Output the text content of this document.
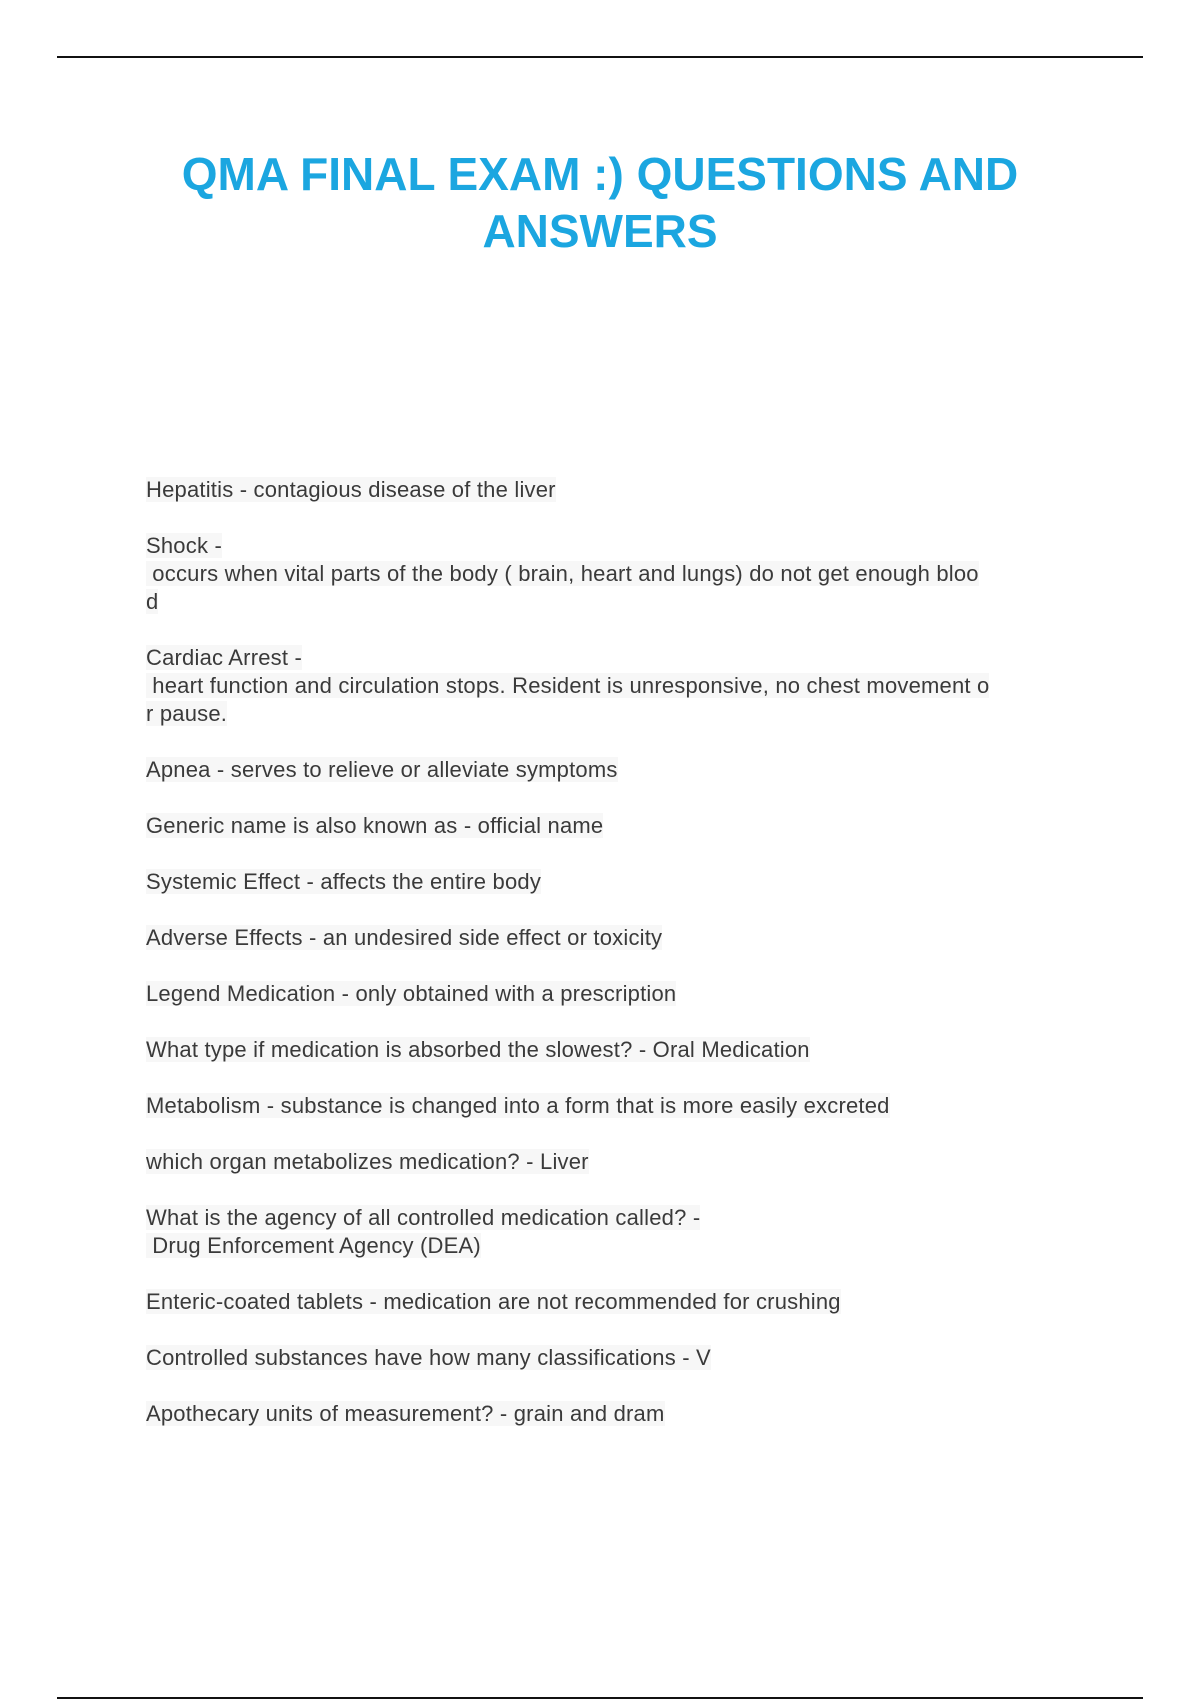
QMA FINAL EXAM :) QUESTIONS AND
ANSWERS
Hepatitis - contagious disease of the liver
Shock -
occurs when vital parts of the body ( brain, heart and lungs) do not get enough bloo
d
Cardiac Arrest -
heart function and circulation stops. Resident is unresponsive, no chest movement o
r pause.
Apnea - serves to relieve or alleviate symptoms
Generic name is also known as - official name
Systemic Effect - affects the entire body
Adverse Effects - an undesired side effect or toxicity
Legend Medication - only obtained with a prescription
What type if medication is absorbed the slowest? - Oral Medication
Metabolism - substance is changed into a form that is more easily excreted
which organ metabolizes medication? - Liver
What is the agency of all controlled medication called? -
Drug Enforcement Agency (DEA)
Enteric-coated tablets - medication are not recommended for crushing
Controlled substances have how many classifications - V
Apothecary units of measurement? - grain and dram
